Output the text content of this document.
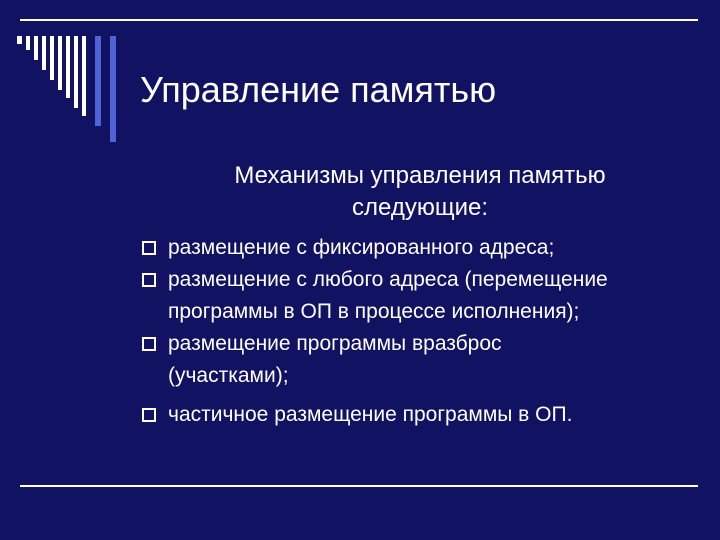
Управление памятью
Механизмы управления памятью
следующие:
размещение с фиксированного адреса;
размещение с любого адреса (перемещение
программы в ОП в процессе исполнения);
размещение программы вразброс
(участками);
частичное размещение программы в ОП.
